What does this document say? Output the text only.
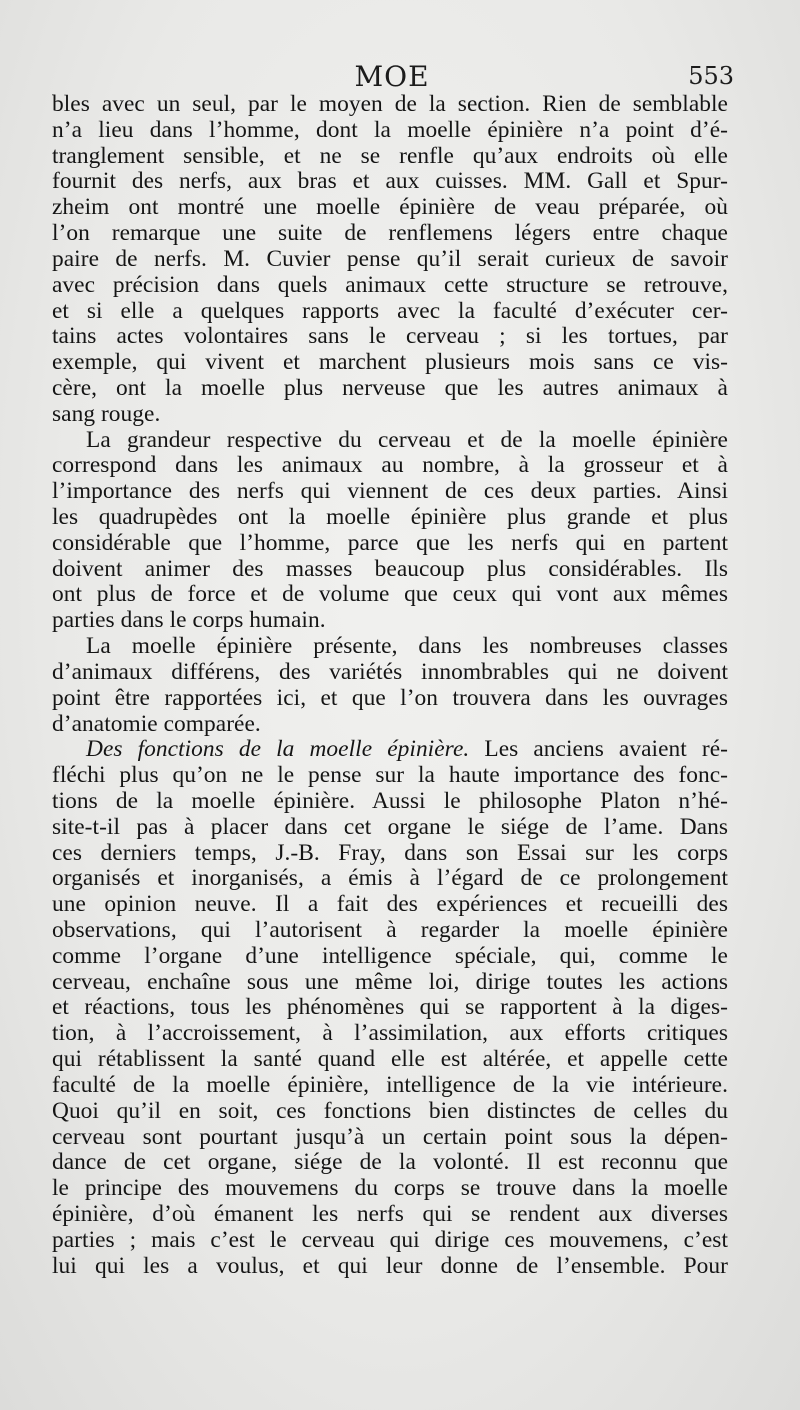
MOE	553
bles avec un seul, par le moyen de la section. Rien de semblable
n’a lieu dans l’homme, dont la moelle épinière n’a point d’é-
tranglement sensible, et ne se renfle qu’aux endroits où elle
fournit des nerfs, aux bras et aux cuisses. MM. Gall et Spur-
zheim ont montré une moelle épinière de veau préparée, où
l’on remarque une suite de renflemens légers entre chaque
paire de nerfs. M. Cuvier pense qu’il serait curieux de savoir
avec précision dans quels animaux cette structure se retrouve,
et si elle a quelques rapports avec la faculté d’exécuter cer-
tains actes volontaires sans le cerveau ; si les tortues, par
exemple, qui vivent et marchent plusieurs mois sans ce vis-
cère, ont la moelle plus nerveuse que les autres animaux à
sang rouge.
La grandeur respective du cerveau et de la moelle épinière
correspond dans les animaux au nombre, à la grosseur et à
l’importance des nerfs qui viennent de ces deux parties. Ainsi
les quadrupèdes ont la moelle épinière plus grande et plus
considérable que l’homme, parce que les nerfs qui en partent
doivent animer des masses beaucoup plus considérables. Ils
ont plus de force et de volume que ceux qui vont aux mêmes
parties dans le corps humain.
La moelle épinière présente, dans les nombreuses classes
d’animaux différens, des variétés innombrables qui ne doivent
point être rapportées ici, et que l’on trouvera dans les ouvrages
d’anatomie comparée.
Des fonctions de la moelle épinière. Les anciens avaient ré-
fléchi plus qu’on ne le pense sur la haute importance des fonc-
tions de la moelle épinière. Aussi le philosophe Platon n’hé-
site-t-il pas à placer dans cet organe le siége de l’ame. Dans
ces derniers temps, J.-B. Fray, dans son Essai sur les corps
organisés et inorganisés, a émis à l’égard de ce prolongement
une opinion neuve. Il a fait des expériences et recueilli des
observations, qui l’autorisent à regarder la moelle épinière
comme l’organe d’une intelligence spéciale, qui, comme le
cerveau, enchaîne sous une même loi, dirige toutes les actions
et réactions, tous les phénomènes qui se rapportent à la diges-
tion, à l’accroissement, à l’assimilation, aux efforts critiques
qui rétablissent la santé quand elle est altérée, et appelle cette
faculté de la moelle épinière, intelligence de la vie intérieure.
Quoi qu’il en soit, ces fonctions bien distinctes de celles du
cerveau sont pourtant jusqu’à un certain point sous la dépen-
dance de cet organe, siége de la volonté. Il est reconnu que
le principe des mouvemens du corps se trouve dans la moelle
épinière, d’où émanent les nerfs qui se rendent aux diverses
parties ; mais c’est le cerveau qui dirige ces mouvemens, c’est
lui qui les a voulus, et qui leur donne de l’ensemble. Pour
